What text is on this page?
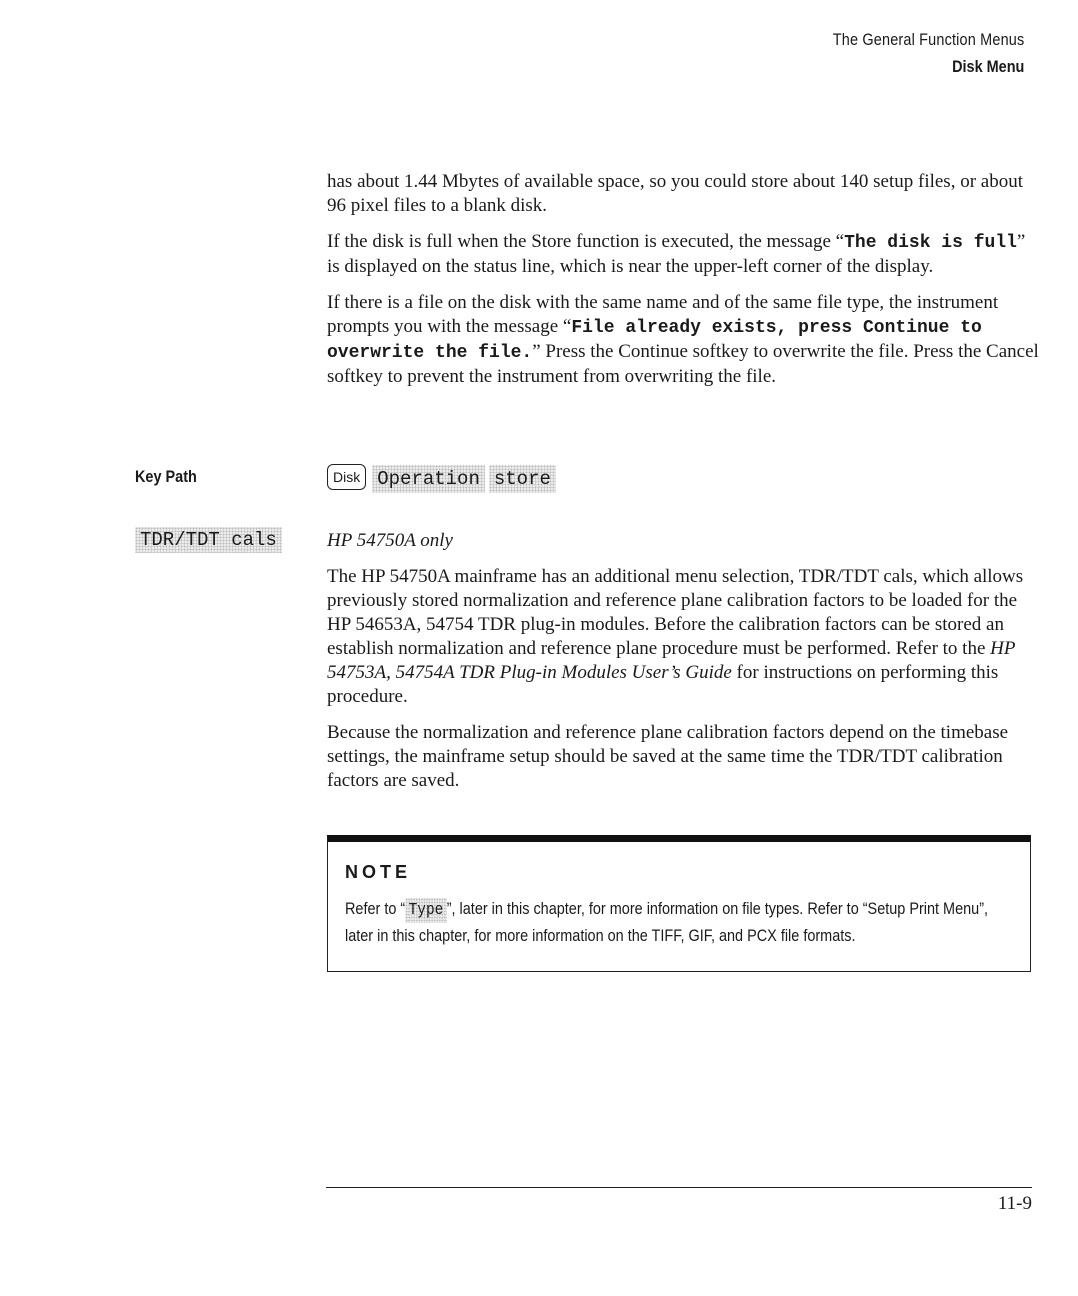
The General Function Menus
Disk Menu

has about 1.44 Mbytes of available space, so you could store about 140 setup files, or about 96 pixel files to a blank disk.

If the disk is full when the Store function is executed, the message “The disk is full” is displayed on the status line, which is near the upper-left corner of the display.

If there is a file on the disk with the same name and of the same file type, the instrument prompts you with the message “File already exists, press Continue to overwrite the file.” Press the Continue softkey to overwrite the file. Press the Cancel softkey to prevent the instrument from overwriting the file.

Key Path	Disk Operation store
TDR/TDT cals	HP 54750A only

The HP 54750A mainframe has an additional menu selection, TDR/TDT cals, which allows previously stored normalization and reference plane calibration factors to be loaded for the HP 54653A, 54754 TDR plug-in modules. Before the calibration factors can be stored an establish normalization and reference plane procedure must be performed. Refer to the HP 54753A, 54754A TDR Plug-in Modules User’s Guide for instructions on performing this procedure.

Because the normalization and reference plane calibration factors depend on the timebase settings, the mainframe setup should be saved at the same time the TDR/TDT calibration factors are saved.

NOTE
Refer to “ Type ”, later in this chapter, for more information on file types. Refer to “Setup Print Menu”, later in this chapter, for more information on the TIFF, GIF, and PCX file formats.
11-9
